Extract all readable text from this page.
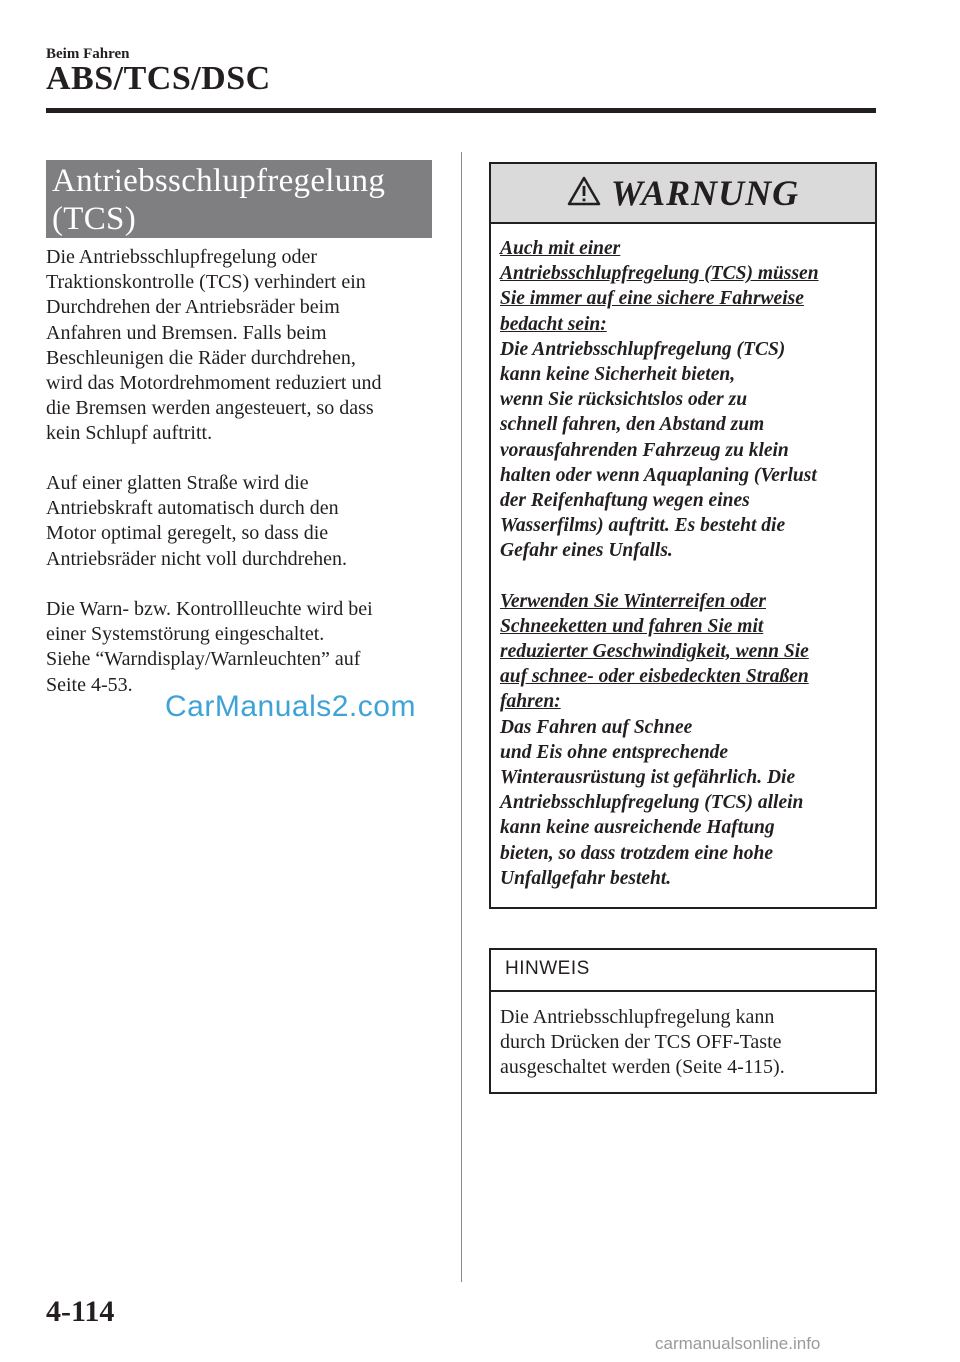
Beim Fahren
ABS/TCS/DSC
Antriebsschlupfregelung
(TCS)

Die Antriebsschlupfregelung oder

Traktionskontrolle (TCS) verhindert ein

Durchdrehen der Antriebsräder beim

Anfahren und Bremsen. Falls beim

Beschleunigen die Räder durchdrehen,

wird das Motordrehmoment reduziert und

die Bremsen werden angesteuert, so dass

kein Schlupf auftritt.

Auf einer glatten Straße wird die

Antriebskraft automatisch durch den

Motor optimal geregelt, so dass die

Antriebsräder nicht voll durchdrehen.

Die Warn- bzw. Kontrollleuchte wird bei

einer Systemstörung eingeschaltet.

Siehe “Warndisplay/Warnleuchten” auf

Seite 4-53.

CarManuals2.com
WARNUNG

Auch mit einer

Antriebsschlupfregelung (TCS) müssen

Sie immer auf eine sichere Fahrweise

bedacht sein:

Die Antriebsschlupfregelung (TCS)

kann keine Sicherheit bieten,

wenn Sie rücksichtslos oder zu

schnell fahren, den Abstand zum

vorausfahrenden Fahrzeug zu klein

halten oder wenn Aquaplaning (Verlust

der Reifenhaftung wegen eines

Wasserfilms) auftritt. Es besteht die

Gefahr eines Unfalls.

Verwenden Sie Winterreifen oder

Schneeketten und fahren Sie mit

reduzierter Geschwindigkeit, wenn Sie

auf schnee- oder eisbedeckten Straßen

fahren:

Das Fahren auf Schnee

und Eis ohne entsprechende

Winterausrüstung ist gefährlich. Die

Antriebsschlupfregelung (TCS) allein

kann keine ausreichende Haftung

bieten, so dass trotzdem eine hohe

Unfallgefahr besteht.

HINWEIS

Die Antriebsschlupfregelung kann

durch Drücken der TCS OFF-Taste

ausgeschaltet werden (Seite 4-115).

4-114
carmanualsonline.info
